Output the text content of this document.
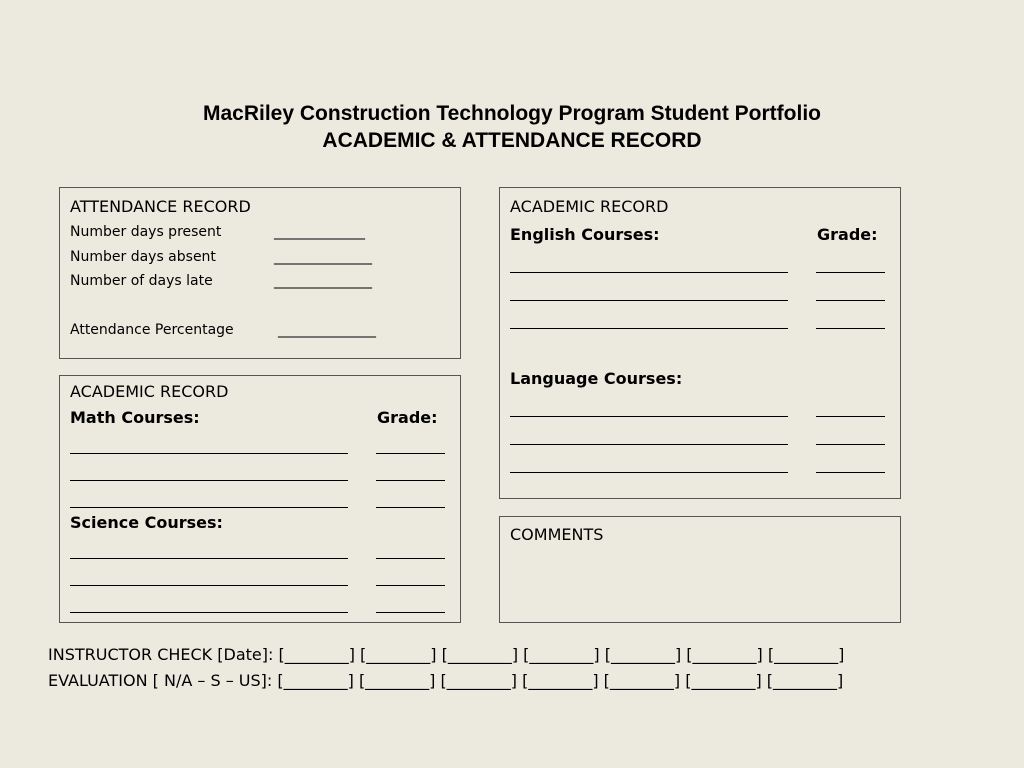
MacRiley Construction Technology Program Student Portfolio
ACADEMIC & ATTENDANCE RECORD
ATTENDANCE RECORD
Number days present	_____________
Number days absent	______________
Number of days late	______________
Attendance Percentage	______________
ACADEMIC RECORD
Math Courses:	Grade:
Science Courses:
ACADEMIC RECORD
English Courses:	Grade:
Language Courses:
COMMENTS
INSTRUCTOR CHECK [Date]: [________] [________] [________] [________] [________] [________] [________]
EVALUATION [ N/A – S – US]: [________] [________] [________] [________] [________] [________] [________]
